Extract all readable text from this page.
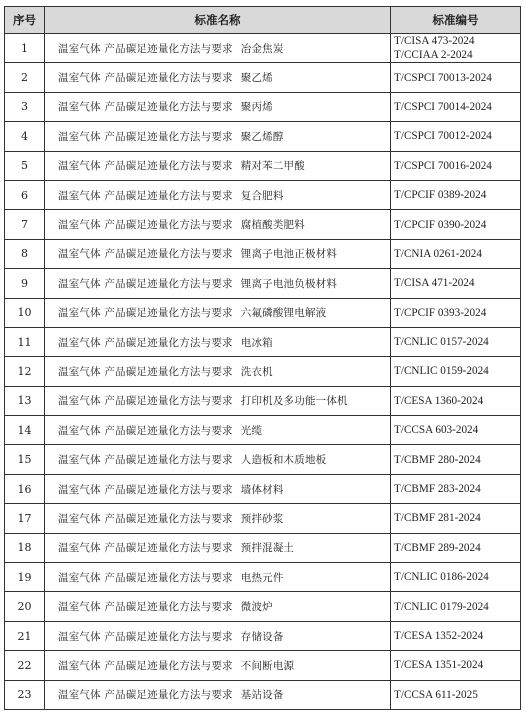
序号	标准名称	标准编号
1	温室气体 产品碳足迹量化方法与要求 冶金焦炭	T/CISA 473-2024
T/CCIAA 2-2024

2	温室气体 产品碳足迹量化方法与要求 聚乙烯	T/CSPCI 70013-2024

3	温室气体 产品碳足迹量化方法与要求 聚丙烯	T/CSPCI 70014-2024

4	温室气体 产品碳足迹量化方法与要求 聚乙烯醇	T/CSPCI 70012-2024

5	温室气体 产品碳足迹量化方法与要求 精对苯二甲酸	T/CSPCI 70016-2024

6	温室气体 产品碳足迹量化方法与要求 复合肥料	T/CPCIF 0389-2024

7	温室气体 产品碳足迹量化方法与要求 腐植酸类肥料	T/CPCIF 0390-2024

8	温室气体 产品碳足迹量化方法与要求 锂离子电池正极材料	T/CNIA 0261-2024

9	温室气体 产品碳足迹量化方法与要求 锂离子电池负极材料	T/CISA 471-2024

10	温室气体 产品碳足迹量化方法与要求 六氟磷酸锂电解液	T/CPCIF 0393-2024

11	温室气体 产品碳足迹量化方法与要求 电冰箱	T/CNLIC 0157-2024

12	温室气体 产品碳足迹量化方法与要求 洗衣机	T/CNLIC 0159-2024

13	温室气体 产品碳足迹量化方法与要求 打印机及多功能一体机	T/CESA 1360-2024

14	温室气体 产品碳足迹量化方法与要求 光缆	T/CCSA 603-2024

15	温室气体 产品碳足迹量化方法与要求 人造板和木质地板	T/CBMF 280-2024

16	温室气体 产品碳足迹量化方法与要求 墙体材料	T/CBMF 283-2024

17	温室气体 产品碳足迹量化方法与要求 预拌砂浆	T/CBMF 281-2024

18	温室气体 产品碳足迹量化方法与要求 预拌混凝土	T/CBMF 289-2024

19	温室气体 产品碳足迹量化方法与要求 电热元件	T/CNLIC 0186-2024

20	温室气体 产品碳足迹量化方法与要求 微波炉	T/CNLIC 0179-2024

21	温室气体 产品碳足迹量化方法与要求 存储设备	T/CESA 1352-2024

22	温室气体 产品碳足迹量化方法与要求 不间断电源	T/CESA 1351-2024

23	温室气体 产品碳足迹量化方法与要求 基站设备	T/CCSA 611-2025
